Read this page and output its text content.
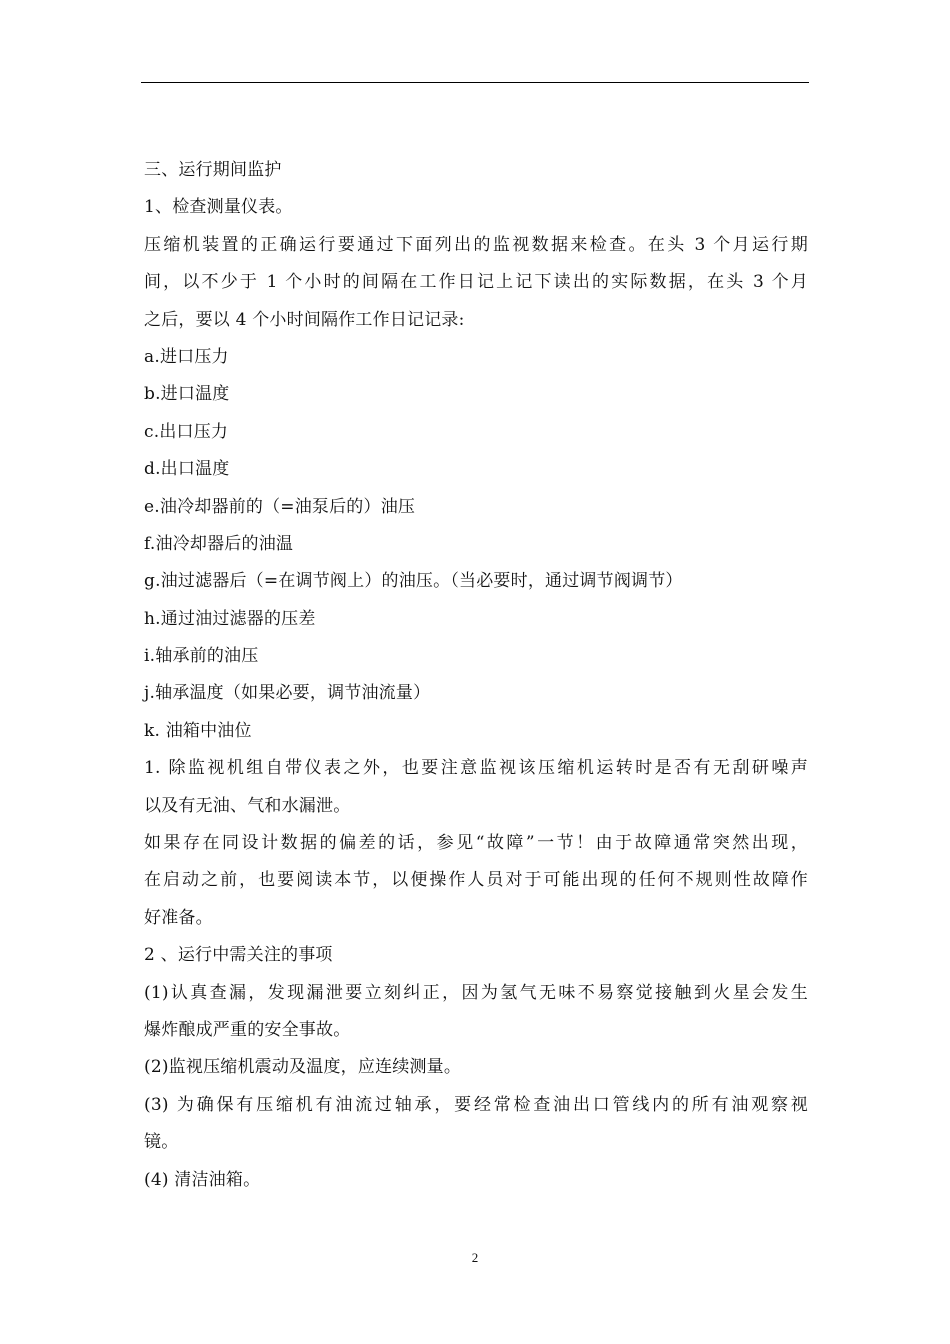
三、运行期间监护
1、检查测量仪表。
压缩机装置的正确运行要通过下面列出的监视数据来检查。在头 3 个月运行期
间，以不少于 1 个小时的间隔在工作日记上记下读出的实际数据，在头 3 个月
之后，要以 4 个小时间隔作工作日记记录:
a.进口压力
b.进口温度
c.出口压力
d.出口温度
e.油冷却器前的（=油泵后的）油压
f.油冷却器后的油温
g.油过滤器后（=在调节阀上）的油压。（当必要时，通过调节阀调节）
h.通过油过滤器的压差
i.轴承前的油压
j.轴承温度（如果必要，调节油流量）
k. 油箱中油位
1. 除监视机组自带仪表之外，也要注意监视该压缩机运转时是否有无刮研噪声
以及有无油、气和水漏泄。
如果存在同设计数据的偏差的话，参见“故障”一节！由于故障通常突然出现，
在启动之前，也要阅读本节，以便操作人员对于可能出现的任何不规则性故障作
好准备。
2 、运行中需关注的事项
(1)认真查漏，发现漏泄要立刻纠正，因为氢气无味不易察觉接触到火星会发生
爆炸酿成严重的安全事故。
(2)监视压缩机震动及温度，应连续测量。
(3) 为确保有压缩机有油流过轴承，要经常检查油出口管线内的所有油观察视
镜。
(4) 清洁油箱。
2
